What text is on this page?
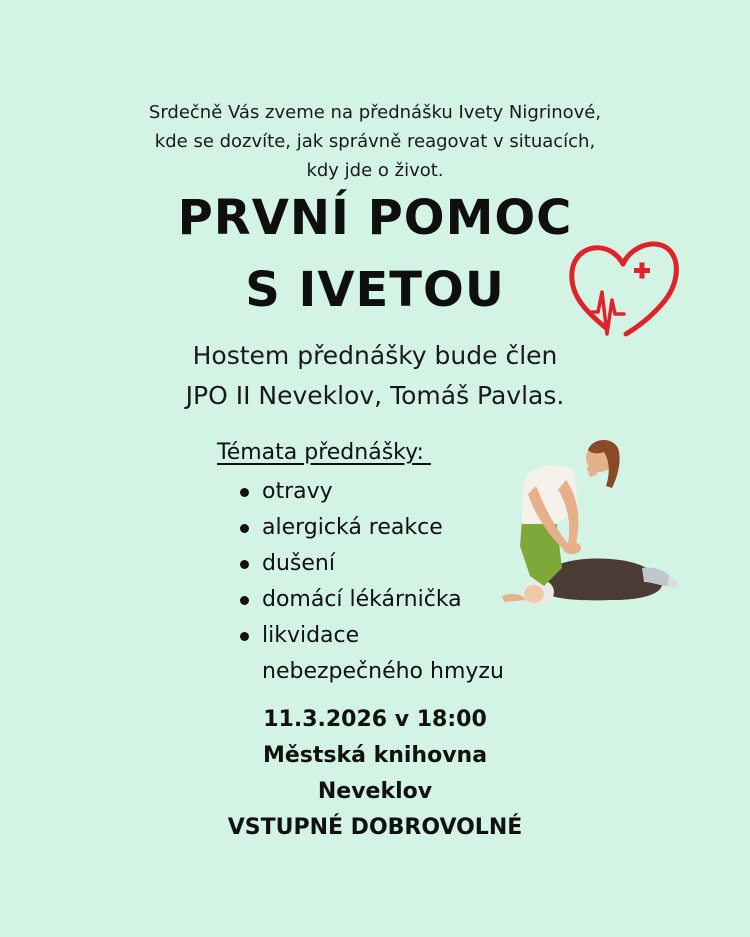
Srdečně Vás zveme na přednášku Ivety Nigrinové,
kde se dozvíte, jak správně reagovat v situacích,
kdy jde o život.
PRVNÍ POMOC
S IVETOU
Hostem přednášky bude člen
JPO II Neveklov, Tomáš Pavlas.
Témata přednášky:
otravy
alergická reakce
dušení
domácí lékárnička
likvidace
nebezpečného hmyzu
11.3.2026 v 18:00
Městská knihovna
Neveklov
VSTUPNÉ DOBROVOLNÉ
